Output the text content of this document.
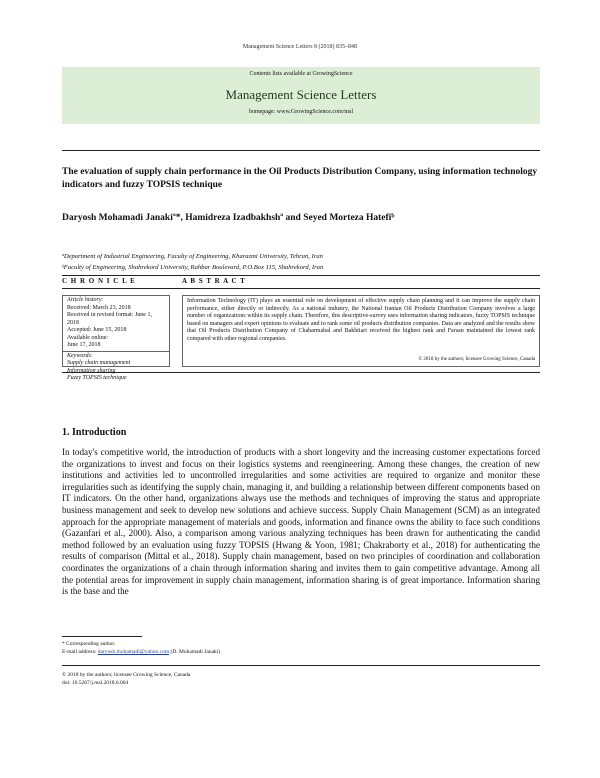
Management Science Letters 8 (2018) 835–848
Contents lists available at GrowingScience
Management Science Letters
homepage: www.GrowingScience.com/msl
The evaluation of supply chain performance in the Oil Products Distribution Company, using information technology indicators and fuzzy TOPSIS technique
Daryosh Mohamadi Janakiª*, Hamidreza Izadbakhshª and Seyed Morteza Hatefiᵇ
ªDepartment of Industrial Engineering, Faculty of Engineering, Kharazmi University, Tehran, Iran
ᵇFaculty of Engineering, Shahrekord University, Rahbar Boulevard, P.O.Box 115, Shahrekord, Iran
C H R O N I C L E	A B S T R A C T
Article history:
Received: March 23, 2018
Received in revised format: June 1, 2018
Accepted: June 15, 2018
Available online:
June 17, 2018
Keywords:
Supply chain management
Information sharing
Fuzzy TOPSIS technique
Information Technology (IT) plays an essential role on development of effective supply chain planning and it can improve the supply chain performance, either directly or indirectly. As a national industry, the National Iranian Oil Products Distribution Company involves a large number of organizations within its supply chain. Therefore, this descriptive-survey uses information sharing indicators, fuzzy TOPSIS technique based on managers and expert opinions to evaluate and to rank some oil products distribution companies. Data are analyzed and the results show that Oil Products Distribution Company of Chaharmahal and Bakhtiari received the highest rank and Farsan maintained the lowest rank compared with other regional companies.
© 2018 by the authors; licensee Growing Science, Canada
1. Introduction

In today's competitive world, the introduction of products with a short longevity and the increasing customer expectations forced the organizations to invest and focus on their logistics systems and reengineering. Among these changes, the creation of new institutions and activities led to uncontrolled irregularities and some activities are required to organize and monitor these irregularities such as identifying the supply chain, managing it, and building a relationship between different components based on IT indicators. On the other hand, organizations always use the methods and techniques of improving the status and appropriate business management and seek to develop new solutions and achieve success. Supply Chain Management (SCM) as an integrated approach for the appropriate management of materials and goods, information and finance owns the ability to face such conditions (Gazanfari et al., 2000). Also, a comparison among various analyzing techniques has been drawn for authenticating the candid method followed by an evaluation using fuzzy TOPSIS (Hwang & Yoon, 1981; Chakraborty et al., 2018) for authenticating the results of comparison (Mittal et al., 2018). Supply chain management, based on two principles of coordination and collaboration coordinates the organizations of a chain through information sharing and invites them to gain competitive advantage. Among all the potential areas for improvement in supply chain management, information sharing is of great importance. Information sharing is the base and the

* Corresponding author.
E-mail address: daryosh.mohamadi@yahoo.com (D. Mohamadi Janaki)
© 2018 by the authors; licensee Growing Science, Canada
doi: 10.5267/j.msl.2018.6.004
